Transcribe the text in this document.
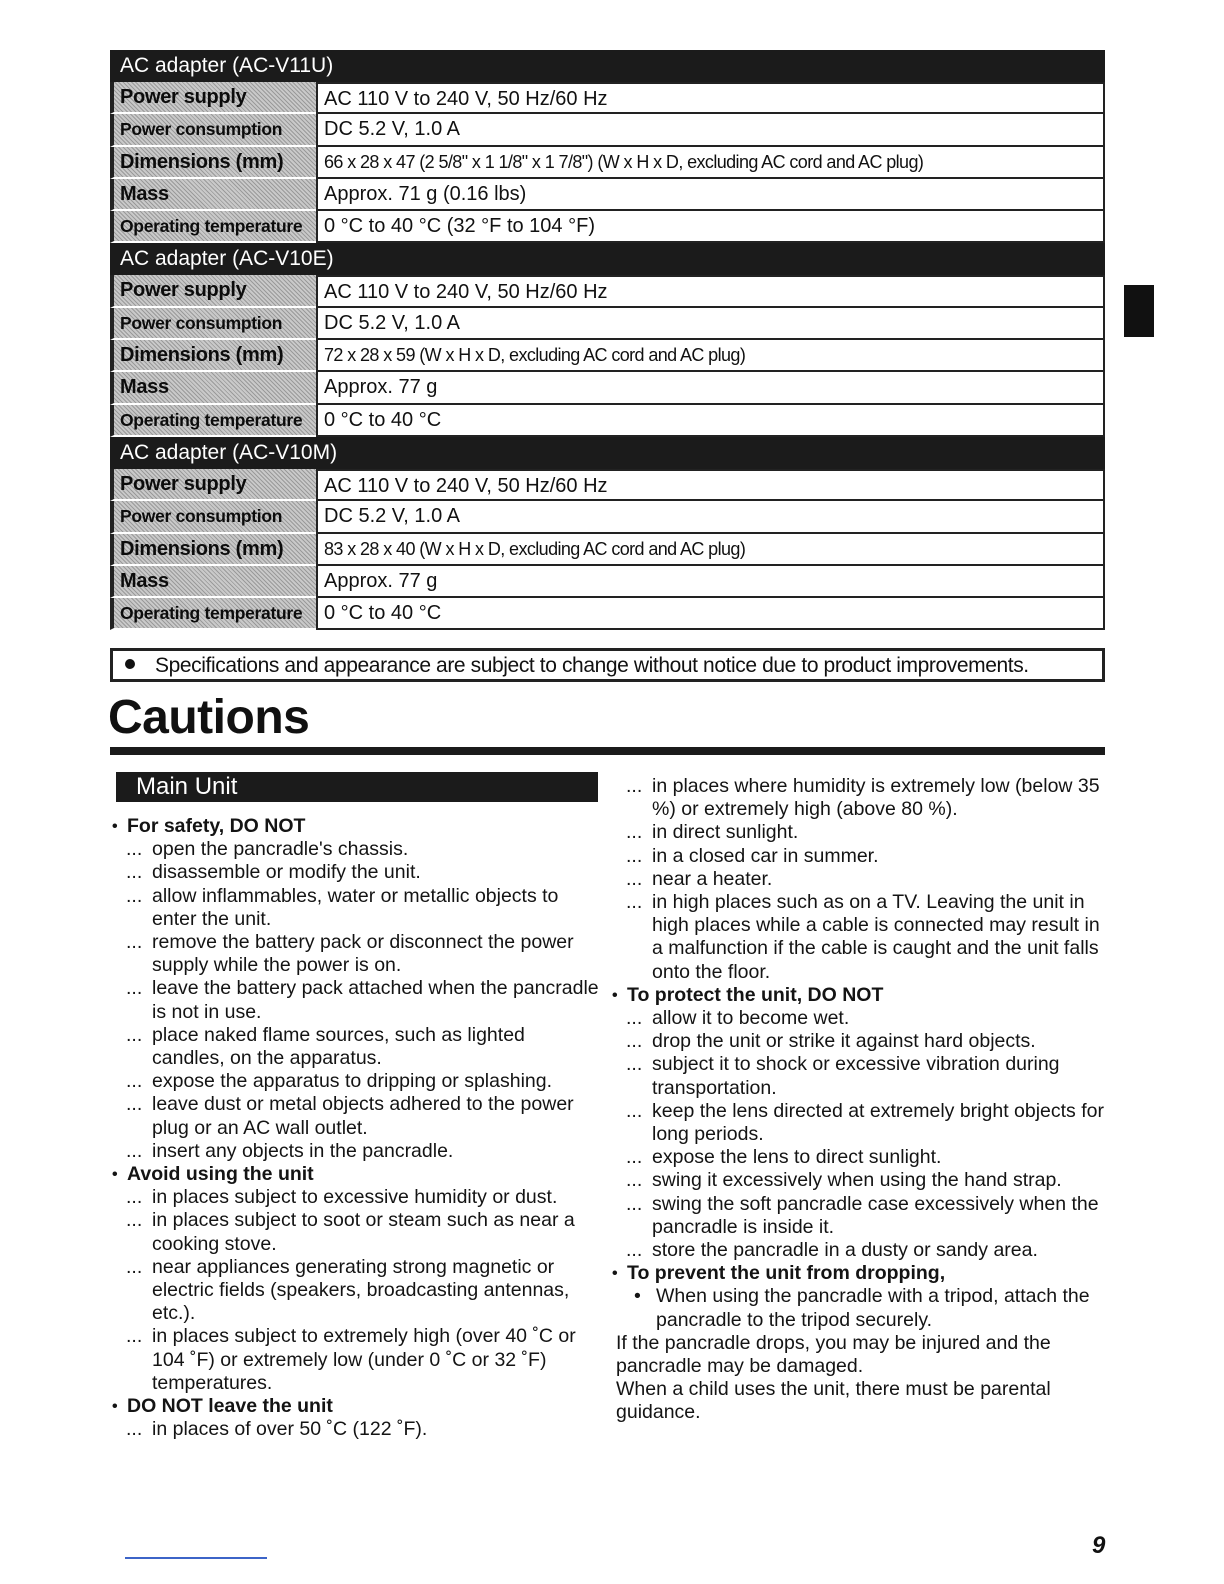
AC adapter (AC-V11U)
Power supply	AC 110 V to 240 V, 50 Hz/60 Hz
Power consumption	DC 5.2 V, 1.0 A
Dimensions (mm)	66 x 28 x 47 (2 5/8" x 1 1/8" x 1 7/8") (W x H x D, excluding AC cord and AC plug)
Mass	Approx. 71 g (0.16 lbs)
Operating temperature	0 °C to 40 °C (32 °F to 104 °F)
AC adapter (AC-V10E)
Power supply	AC 110 V to 240 V, 50 Hz/60 Hz
Power consumption	DC 5.2 V, 1.0 A
Dimensions (mm)	72 x 28 x 59 (W x H x D, excluding AC cord and AC plug)
Mass	Approx. 77 g
Operating temperature	0 °C to 40 °C
AC adapter (AC-V10M)
Power supply	AC 110 V to 240 V, 50 Hz/60 Hz
Power consumption	DC 5.2 V, 1.0 A
Dimensions (mm)	83 x 28 x 40 (W x H x D, excluding AC cord and AC plug)
Mass	Approx. 77 g
Operating temperature	0 °C to 40 °C
Specifications and appearance are subject to change without notice due to product improvements.
Cautions
Main Unit
• For safety, DO NOT
... open the pancradle's chassis.
... disassemble or modify the unit.
... allow inflammables, water or metallic objects to enter the unit.
... remove the battery pack or disconnect the power supply while the power is on.
... leave the battery pack attached when the pancradle is not in use.
... place naked flame sources, such as lighted candles, on the apparatus.
... expose the apparatus to dripping or splashing.
... leave dust or metal objects adhered to the power plug or an AC wall outlet.
... insert any objects in the pancradle.
• Avoid using the unit
... in places subject to excessive humidity or dust.
... in places subject to soot or steam such as near a cooking stove.
... near appliances generating strong magnetic or electric fields (speakers, broadcasting antennas, etc.).
... in places subject to extremely high (over 40 ˚C or 104 ˚F) or extremely low (under 0 ˚C or 32 ˚F) temperatures.
• DO NOT leave the unit
... in places of over 50 ˚C (122 ˚F).
... in places where humidity is extremely low (below 35 %) or extremely high (above 80 %).
... in direct sunlight.
... in a closed car in summer.
... near a heater.
... in high places such as on a TV. Leaving the unit in high places while a cable is connected may result in a malfunction if the cable is caught and the unit falls onto the floor.
• To protect the unit, DO NOT
... allow it to become wet.
... drop the unit or strike it against hard objects.
... subject it to shock or excessive vibration during transportation.
... keep the lens directed at extremely bright objects for long periods.
... expose the lens to direct sunlight.
... swing it excessively when using the hand strap.
... swing the soft pancradle case excessively when the pancradle is inside it.
... store the pancradle in a dusty or sandy area.
• To prevent the unit from dropping,
• When using the pancradle with a tripod, attach the pancradle to the tripod securely.
If the pancradle drops, you may be injured and the pancradle may be damaged.
When a child uses the unit, there must be parental guidance.
9
